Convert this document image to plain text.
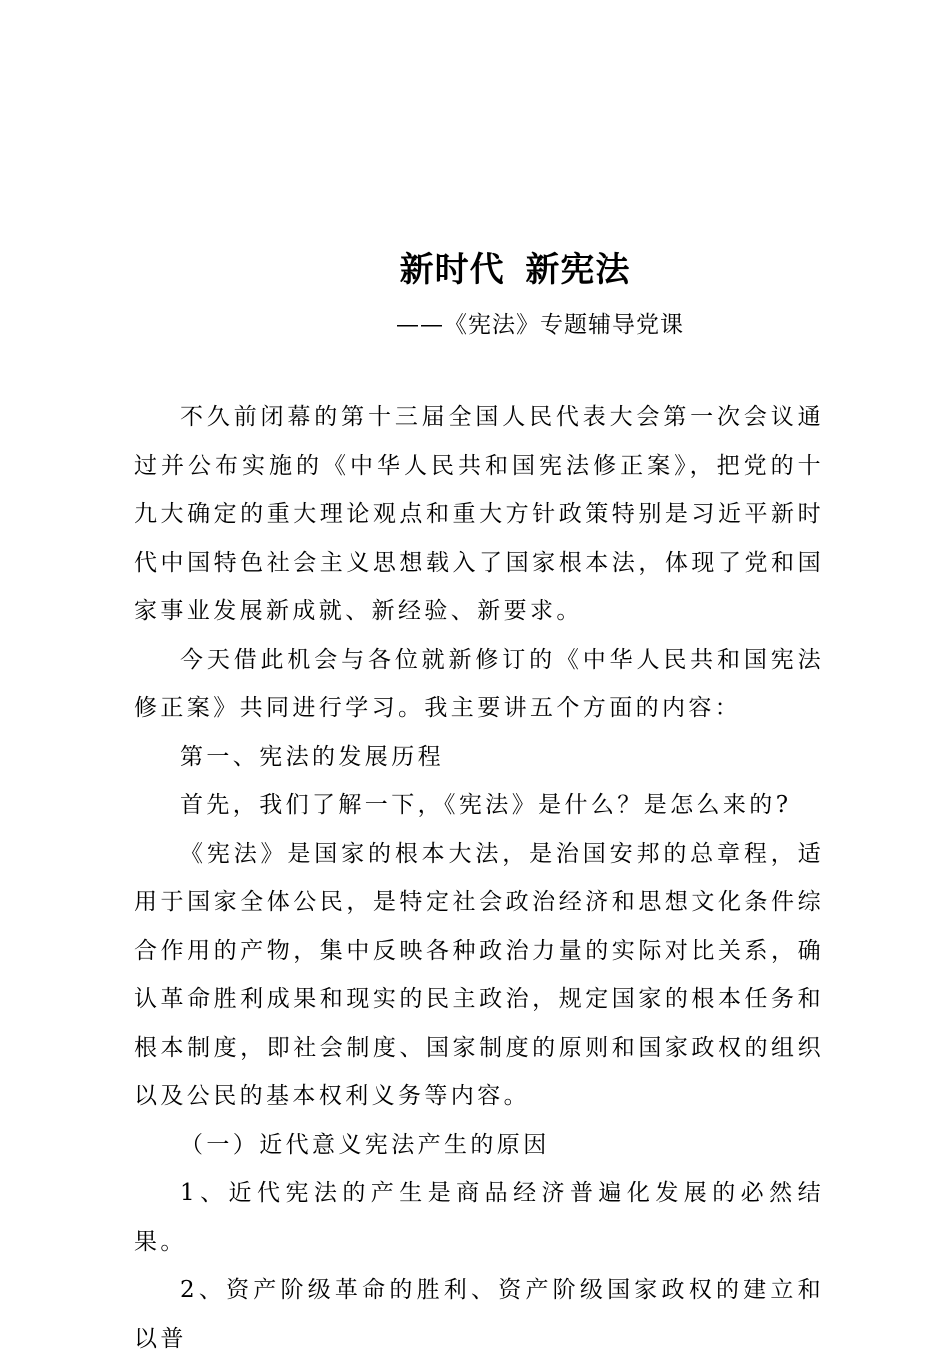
新时代 新宪法
——《宪法》专题辅导党课

不久前闭幕的第十三届全国人民代表大会第一次会议通过并公布实施的《中华人民共和国宪法修正案》，把党的十九大确定的重大理论观点和重大方针政策特别是习近平新时代中国特色社会主义思想载入了国家根本法，体现了党和国家事业发展新成就、新经验、新要求。

今天借此机会与各位就新修订的《中华人民共和国宪法修正案》共同进行学习。我主要讲五个方面的内容：

第一、宪法的发展历程

首先，我们了解一下，《宪法》是什么？是怎么来的?

《宪法》是国家的根本大法，是治国安邦的总章程，适用于国家全体公民，是特定社会政治经济和思想文化条件综合作用的产物，集中反映各种政治力量的实际对比关系，确认革命胜利成果和现实的民主政治，规定国家的根本任务和根本制度，即社会制度、国家制度的原则和国家政权的组织以及公民的基本权利义务等内容。

（一）近代意义宪法产生的原因

1、近代宪法的产生是商品经济普遍化发展的必然结果。

2、资产阶级革命的胜利、资产阶级国家政权的建立和以普
